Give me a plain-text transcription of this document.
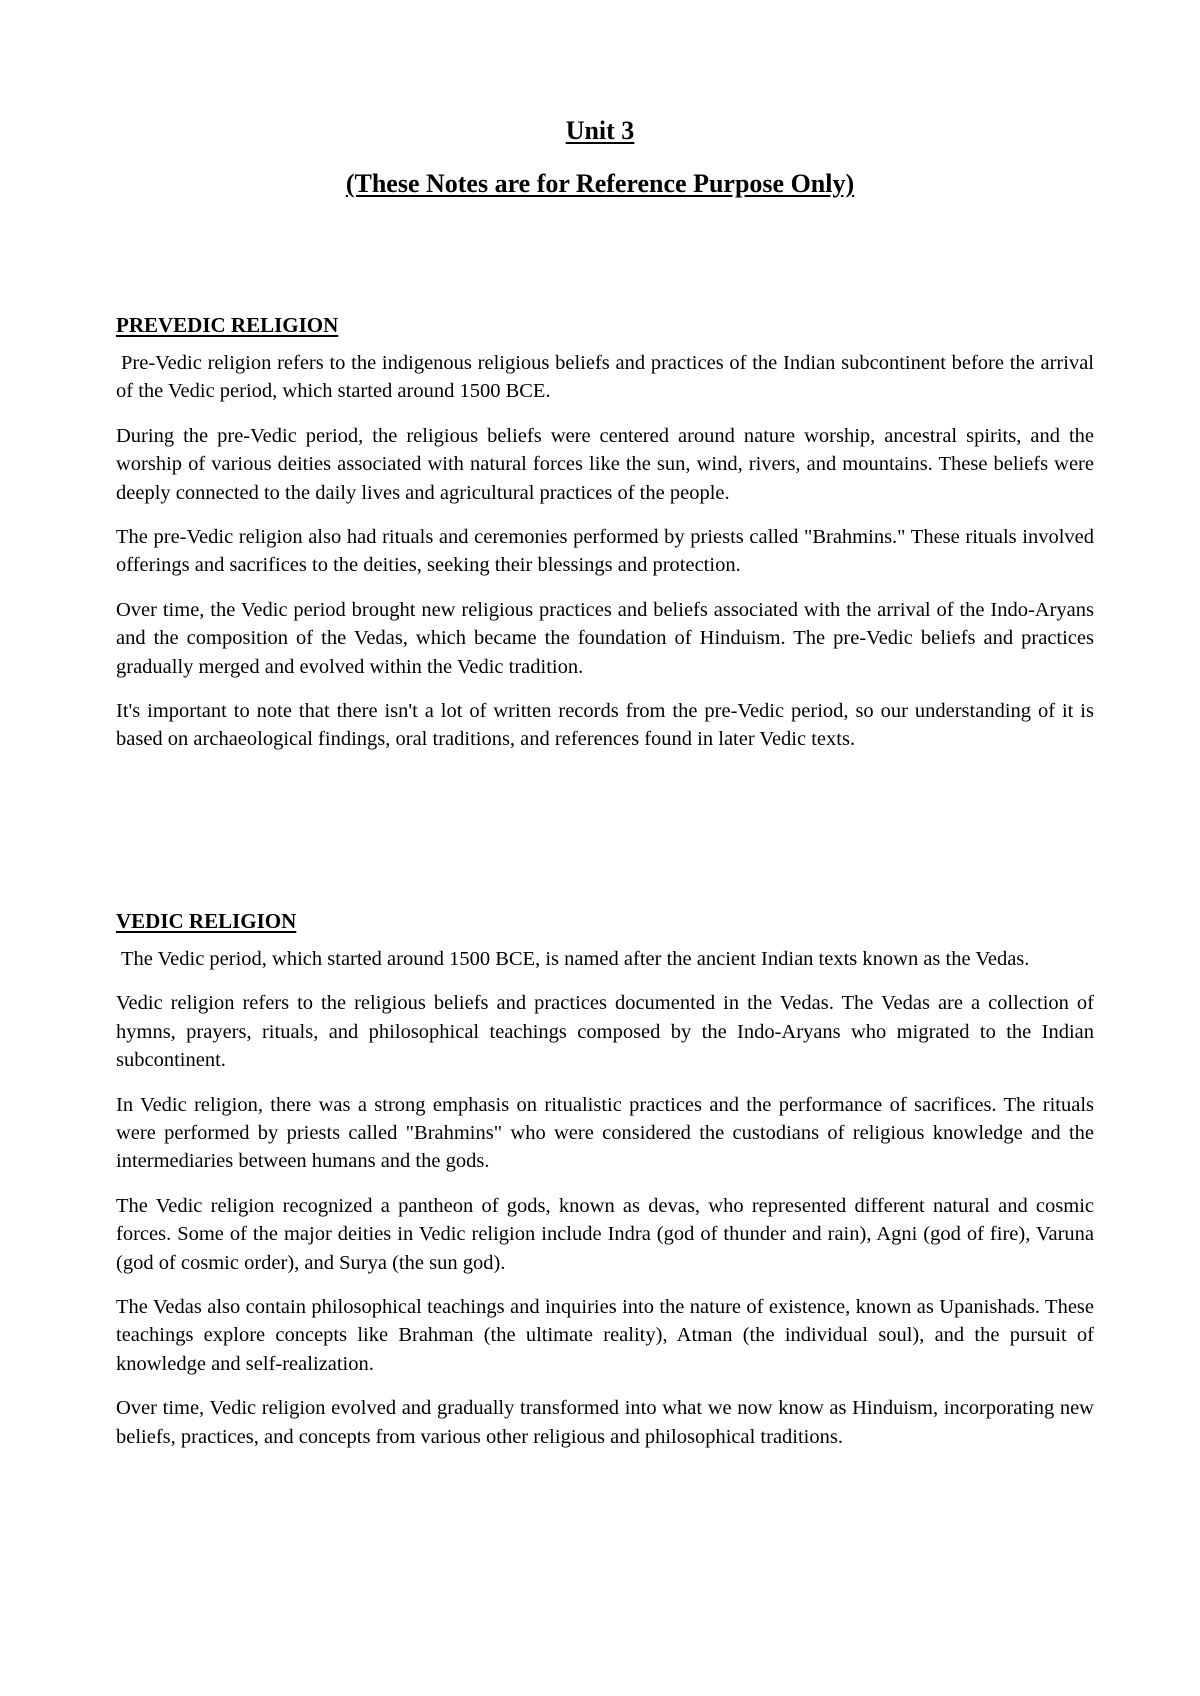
Unit 3
(These Notes are for Reference Purpose Only)
PREVEDIC RELIGION

Pre-Vedic religion refers to the indigenous religious beliefs and practices of the Indian subcontinent before the arrival of the Vedic period, which started around 1500 BCE.

During the pre-Vedic period, the religious beliefs were centered around nature worship, ancestral spirits, and the worship of various deities associated with natural forces like the sun, wind, rivers, and mountains. These beliefs were deeply connected to the daily lives and agricultural practices of the people.

The pre-Vedic religion also had rituals and ceremonies performed by priests called "Brahmins." These rituals involved offerings and sacrifices to the deities, seeking their blessings and protection.

Over time, the Vedic period brought new religious practices and beliefs associated with the arrival of the Indo-Aryans and the composition of the Vedas, which became the foundation of Hinduism. The pre-Vedic beliefs and practices gradually merged and evolved within the Vedic tradition.

It's important to note that there isn't a lot of written records from the pre-Vedic period, so our understanding of it is based on archaeological findings, oral traditions, and references found in later Vedic texts.

VEDIC RELIGION

The Vedic period, which started around 1500 BCE, is named after the ancient Indian texts known as the Vedas.

Vedic religion refers to the religious beliefs and practices documented in the Vedas. The Vedas are a collection of hymns, prayers, rituals, and philosophical teachings composed by the Indo-Aryans who migrated to the Indian subcontinent.

In Vedic religion, there was a strong emphasis on ritualistic practices and the performance of sacrifices. The rituals were performed by priests called "Brahmins" who were considered the custodians of religious knowledge and the intermediaries between humans and the gods.

The Vedic religion recognized a pantheon of gods, known as devas, who represented different natural and cosmic forces. Some of the major deities in Vedic religion include Indra (god of thunder and rain), Agni (god of fire), Varuna (god of cosmic order), and Surya (the sun god).

The Vedas also contain philosophical teachings and inquiries into the nature of existence, known as Upanishads. These teachings explore concepts like Brahman (the ultimate reality), Atman (the individual soul), and the pursuit of knowledge and self-realization.

Over time, Vedic religion evolved and gradually transformed into what we now know as Hinduism, incorporating new beliefs, practices, and concepts from various other religious and philosophical traditions.
